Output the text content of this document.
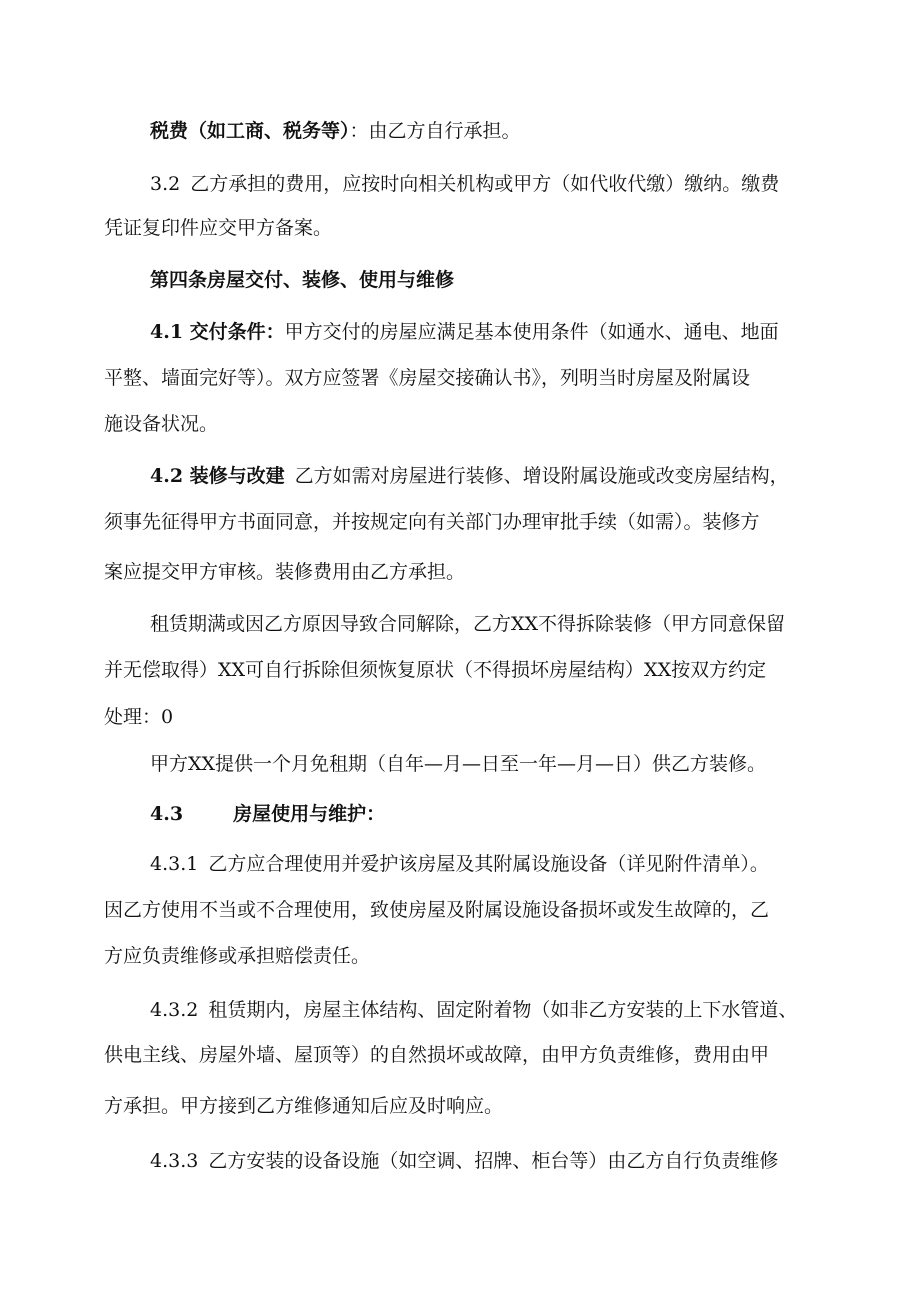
税费（如工商、税务等）：由乙方自行承担。
3.2 乙方承担的费用，应按时向相关机构或甲方（如代收代缴）缴纳。缴费
凭证复印件应交甲方备案。
第四条房屋交付、装修、使用与维修
4.1 交付条件：甲方交付的房屋应满足基本使用条件（如通水、通电、地面
平整、墙面完好等）。双方应签署《房屋交接确认书》，列明当时房屋及附属设
施设备状况。
4.2 装修与改建 乙方如需对房屋进行装修、增设附属设施或改变房屋结构，
须事先征得甲方书面同意，并按规定向有关部门办理审批手续（如需）。装修方
案应提交甲方审核。装修费用由乙方承担。
租赁期满或因乙方原因导致合同解除，乙方XX不得拆除装修（甲方同意保留
并无偿取得）XX可自行拆除但须恢复原状（不得损坏房屋结构）XX按双方约定
处理：0
甲方XX提供一个月免租期（自年—月—日至一年—月—日）供乙方装修。
4.3	房屋使用与维护：
4.3.1 乙方应合理使用并爱护该房屋及其附属设施设备（详见附件清单）。
因乙方使用不当或不合理使用，致使房屋及附属设施设备损坏或发生故障的，乙
方应负责维修或承担赔偿责任。
4.3.2 租赁期内，房屋主体结构、固定附着物（如非乙方安装的上下水管道、
供电主线、房屋外墙、屋顶等）的自然损坏或故障，由甲方负责维修，费用由甲
方承担。甲方接到乙方维修通知后应及时响应。
4.3.3 乙方安装的设备设施（如空调、招牌、柜台等）由乙方自行负责维修
